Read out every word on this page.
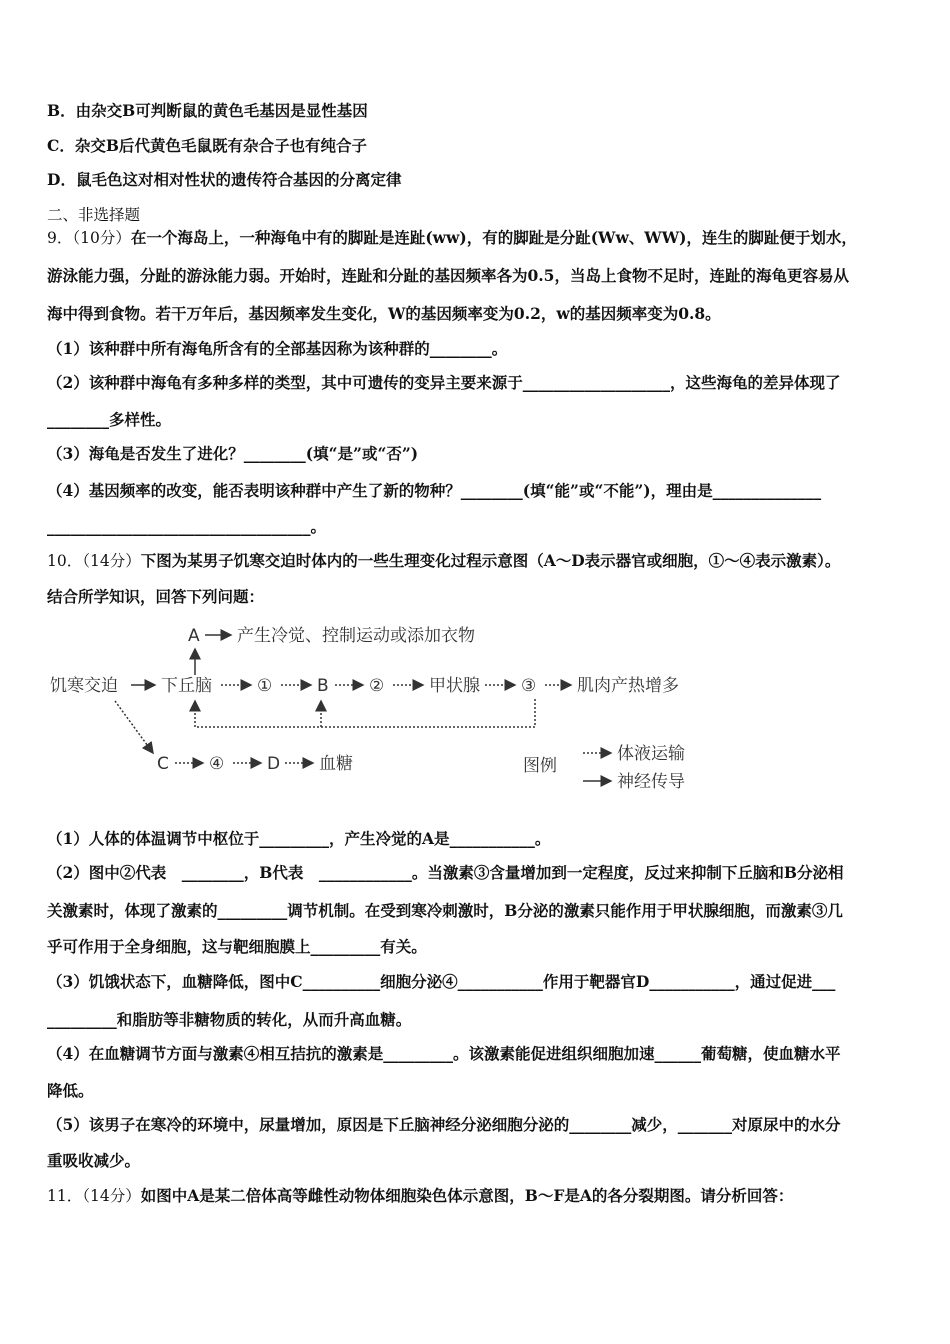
B．由杂交B可判断鼠的黄色毛基因是显性基因
C．杂交B后代黄色毛鼠既有杂合子也有纯合子
D．鼠毛色这对相对性状的遗传符合基因的分离定律
二、非选择题
9．（10分）在一个海岛上，一种海龟中有的脚趾是连趾(ww)，有的脚趾是分趾(Ww、WW)，连生的脚趾便于划水，
游泳能力强，分趾的游泳能力弱。开始时，连趾和分趾的基因频率各为0.5，当岛上食物不足时，连趾的海龟更容易从
海中得到食物。若干万年后，基因频率发生变化，W的基因频率变为0.2，w的基因频率变为0.8。
（1）该种群中所有海龟所含有的全部基因称为该种群的________。
（2）该种群中海龟有多种多样的类型，其中可遗传的变异主要来源于___________________，这些海龟的差异体现了
________多样性。
（3）海龟是否发生了进化？________(填“是”或“否”)
（4）基因频率的改变，能否表明该种群中产生了新的物种？________(填“能”或“不能”)，理由是______________
__________________________________。
10．（14分）下图为某男子饥寒交迫时体内的一些生理变化过程示意图（A～D表示器官或细胞，①～④表示激素）。
结合所学知识，回答下列问题：
A 产生冷觉、控制运动或添加衣物
饥寒交迫	下丘脑	①	B ②	甲状腺 ③ 肌肉产热增多
C ④	D 血糖	图例
体液运输
神经传导
（1）人体的体温调节中枢位于_________，产生冷觉的A是___________。
（2）图中②代表　________，B代表　____________。当激素③含量增加到一定程度，反过来抑制下丘脑和B分泌相
关激素时，体现了激素的_________调节机制。在受到寒冷刺激时，B分泌的激素只能作用于甲状腺细胞，而激素③几
乎可作用于全身细胞，这与靶细胞膜上_________有关。
（3）饥饿状态下，血糖降低，图中C__________细胞分泌④___________作用于靶器官D___________，通过促进___
_________和脂肪等非糖物质的转化，从而升高血糖。
（4）在血糖调节方面与激素④相互拮抗的激素是_________。该激素能促进组织细胞加速______葡萄糖，使血糖水平
降低。
（5）该男子在寒冷的环境中，尿量增加，原因是下丘脑神经分泌细胞分泌的________减少，_______对原尿中的水分
重吸收减少。
11．（14分）如图中A是某二倍体高等雌性动物体细胞染色体示意图，B～F是A的各分裂期图。请分析回答：
